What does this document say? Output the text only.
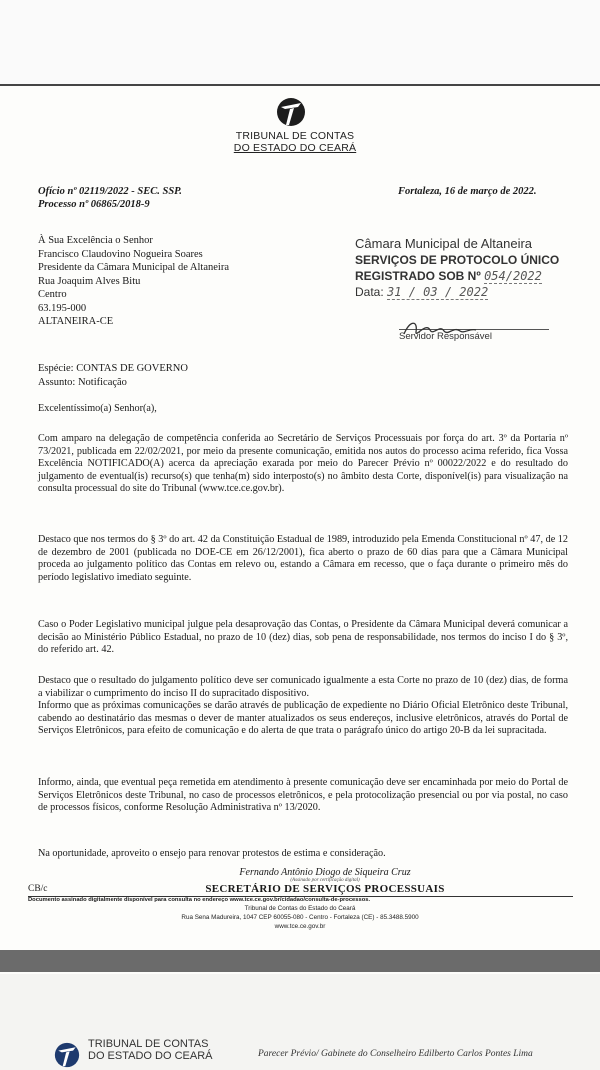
TRIBUNAL DE CONTAS
DO ESTADO DO CEARÁ
Ofício nº 02119/2022 - SEC. SSP.
Processo nº 06865/2018-9
Fortaleza, 16 de março de 2022.
À Sua Excelência o Senhor
Francisco Claudovino Nogueira Soares
Presidente da Câmara Municipal de Altaneira
Rua Joaquim Alves Bitu
Centro
63.195-000
ALTANEIRA-CE
Câmara Municipal de Altaneira
SERVIÇOS DE PROTOCOLO ÚNICO
REGISTRADO SOB Nº 054/2022
Data: 31 / 03 / 2022
Servidor Responsável
Espécie: CONTAS DE GOVERNO
Assunto: Notificação
Excelentíssimo(a) Senhor(a),

Com amparo na delegação de competência conferida ao Secretário de Serviços Processuais por força do art. 3º da Portaria nº 73/2021, publicada em 22/02/2021, por meio da presente comunicação, emitida nos autos do processo acima referido, fica Vossa Excelência NOTIFICADO(A) acerca da apreciação exarada por meio do Parecer Prévio nº 00022/2022 e do resultado do julgamento de eventual(is) recurso(s) que tenha(m) sido interposto(s) no âmbito desta Corte, disponível(is) para visualização na consulta processual do site do Tribunal (www.tce.ce.gov.br).

Destaco que nos termos do § 3º do art. 42 da Constituição Estadual de 1989, introduzido pela Emenda Constitucional nº 47, de 12 de dezembro de 2001 (publicada no DOE-CE em 26/12/2001), fica aberto o prazo de 60 dias para que a Câmara Municipal proceda ao julgamento político das Contas em relevo ou, estando a Câmara em recesso, que o faça durante o primeiro mês do período legislativo imediato seguinte.

Caso o Poder Legislativo municipal julgue pela desaprovação das Contas, o Presidente da Câmara Municipal deverá comunicar a decisão ao Ministério Público Estadual, no prazo de 10 (dez) dias, sob pena de responsabilidade, nos termos do inciso I do § 3º, do referido art. 42.

Destaco que o resultado do julgamento político deve ser comunicado igualmente a esta Corte no prazo de 10 (dez) dias, de forma a viabilizar o cumprimento do inciso II do supracitado dispositivo.

Informo que as próximas comunicações se darão através de publicação de expediente no Diário Oficial Eletrônico deste Tribunal, cabendo ao destinatário das mesmas o dever de manter atualizados os seus endereços, inclusive eletrônicos, através do Portal de Serviços Eletrônicos, para efeito de comunicação e do alerta de que trata o parágrafo único do artigo 20-B da lei supracitada.

Informo, ainda, que eventual peça remetida em atendimento à presente comunicação deve ser encaminhada por meio do Portal de Serviços Eletrônicos deste Tribunal, no caso de processos eletrônicos, e pela protocolização presencial ou por via postal, no caso de processos físicos, conforme Resolução Administrativa nº 13/2020.

Na oportunidade, aproveito o ensejo para renovar protestos de estima e consideração.
Fernando Antônio Diogo de Siqueira Cruz
(Assinado por certificação digital)
SECRETÁRIO DE SERVIÇOS PROCESSUAIS
CB/c
Documento assinado digitalmente disponível para consulta no endereço www.tce.ce.gov.br/cidadao/consulta-de-processos.
Tribunal de Contas do Estado do Ceará
Rua Sena Madureira, 1047 CEP 60055-080 - Centro - Fortaleza (CE) - 85.3488.5900
www.tce.ce.gov.br
TRIBUNAL DE CONTAS
DO ESTADO DO CEARÁ	Parecer Prévio/ Gabinete do Conselheiro Edilberto Carlos Pontes Lima
